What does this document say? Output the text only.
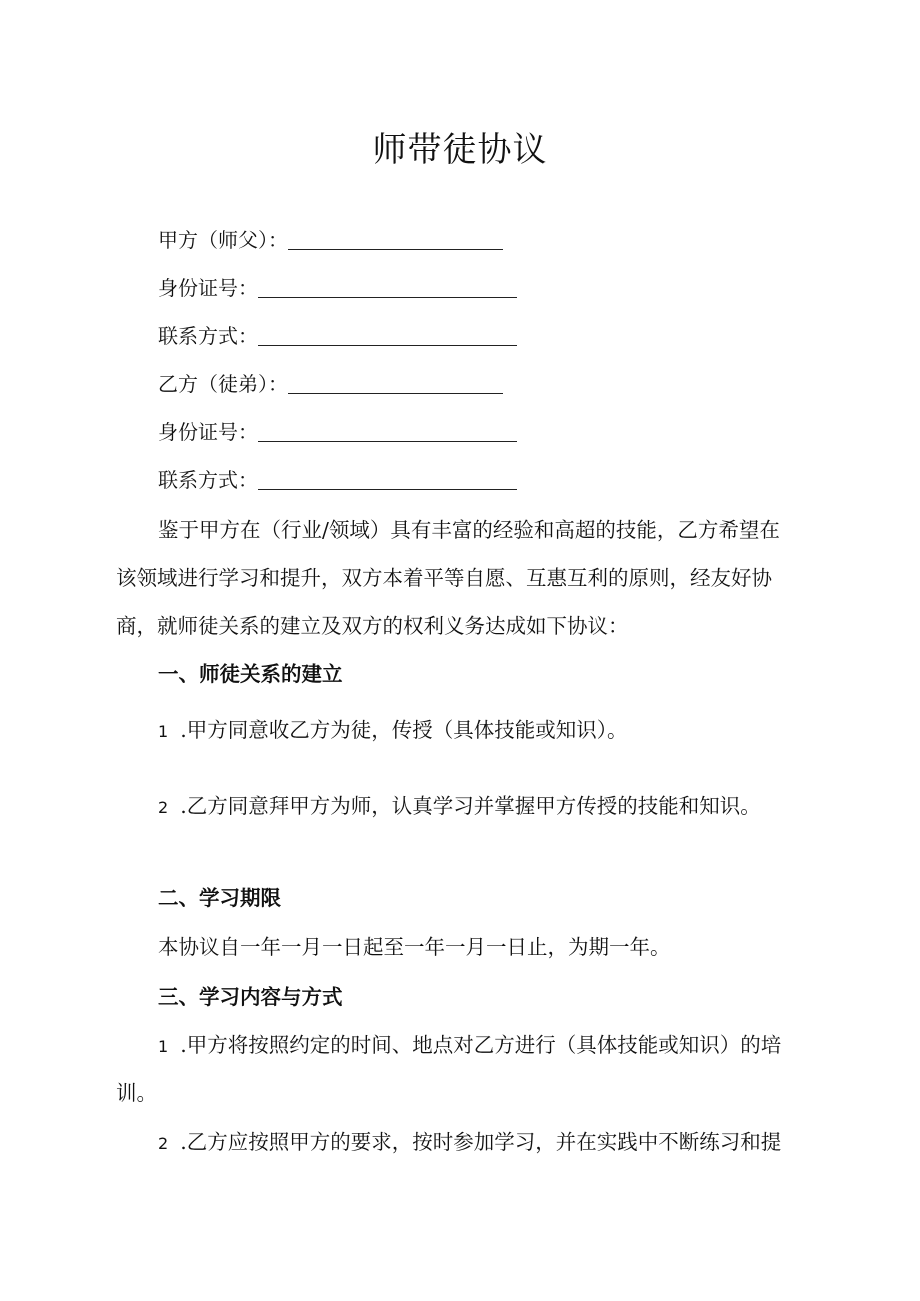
师带徒协议
甲方（师父）：
身份证号：
联系方式：
乙方（徒弟）：
身份证号：
联系方式：
鉴于甲方在（行业/领域）具有丰富的经验和高超的技能，乙方希望在
该领域进行学习和提升，双方本着平等自愿、互惠互利的原则，经友好协
商，就师徒关系的建立及双方的权利义务达成如下协议：
一、师徒关系的建立
1 .甲方同意收乙方为徒，传授（具体技能或知识）。
2 .乙方同意拜甲方为师，认真学习并掌握甲方传授的技能和知识。
二、学习期限
本协议自一年一月一日起至一年一月一日止，为期一年。
三、学习内容与方式
1 .甲方将按照约定的时间、地点对乙方进行（具体技能或知识）的培
训。
2 .乙方应按照甲方的要求，按时参加学习，并在实践中不断练习和提
